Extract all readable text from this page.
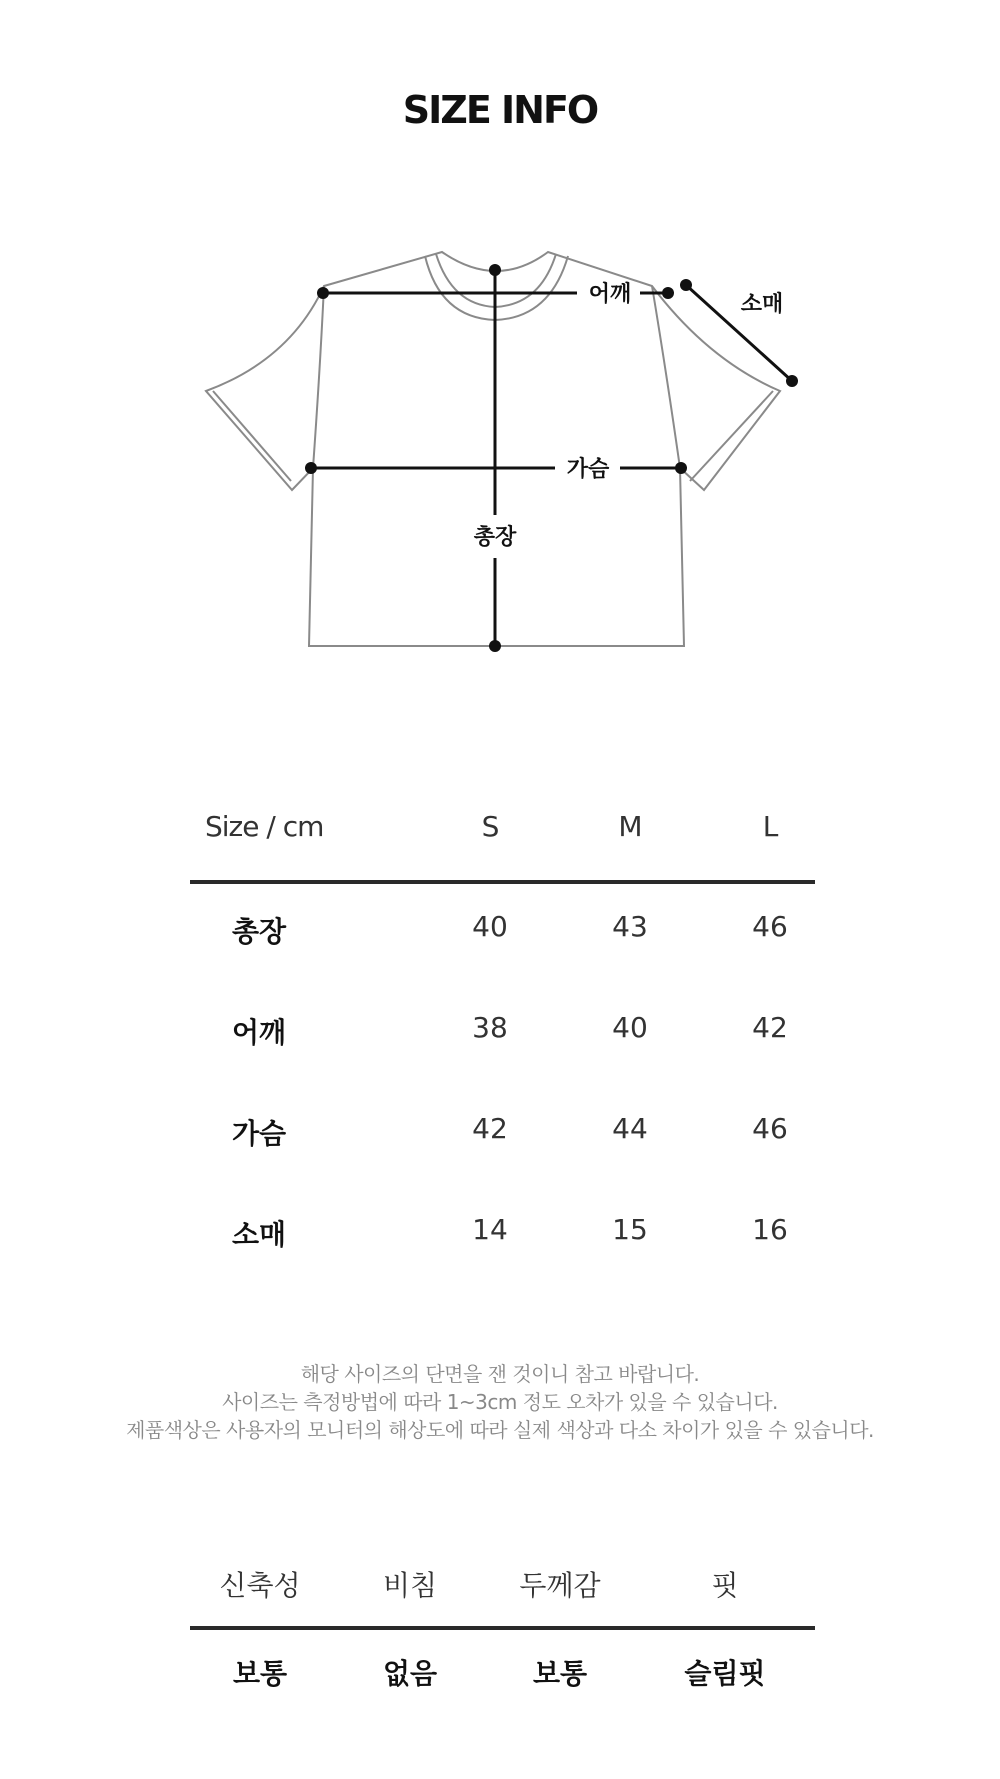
SIZE INFO
어깨	소매
가슴
총장
Size / cm	S	M	L
총장	40	43	46
어깨	38	40	42
가슴	42	44	46
소매	14	15	16
해당 사이즈의 단면을 잰 것이니 참고 바랍니다.
사이즈는 측정방법에 따라 1~3cm 정도 오차가 있을 수 있습니다.
제품색상은 사용자의 모니터의 해상도에 따라 실제 색상과 다소 차이가 있을 수 있습니다.
신축성	비침	두께감	핏
보통	없음	보통	슬림핏
